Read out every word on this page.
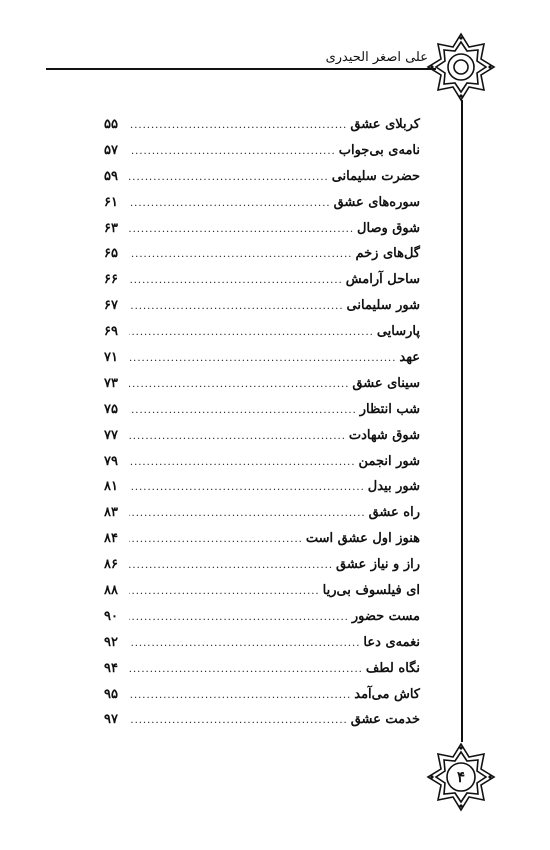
علی اصغر الحیدری
کربلای عشق
.....
۵۵
نامه‌ی بی‌جواب
.....
۵۷
حضرت سلیمانی
.....
۵۹
سوره‌های عشق
.....
۶۱
شوق وصال
.....
۶۳
گل‌های زخم
.....
۶۵
ساحل آرامش
.....
۶۶
شور سلیمانی
.....
۶۷
پارسایی
.....
۶۹
عهد
.....
۷۱
سینای عشق
.....
۷۳
شب انتظار
.....
۷۵
شوق شهادت
.....
۷۷
شور انجمن
.....
۷۹
شور بیدل
.....
۸۱
راه عشق
.....
۸۳
هنوز اول عشق است
.....
۸۴
راز و نیاز عشق
.....
۸۶
ای فیلسوف بی‌ریا
.....
۸۸
مست حضور
.....
۹۰
نغمه‌ی دعا
.....
۹۲
نگاه لطف
.....
۹۴
کاش می‌آمد
.....
۹۵
خدمت عشق
.....
۹۷
۴
